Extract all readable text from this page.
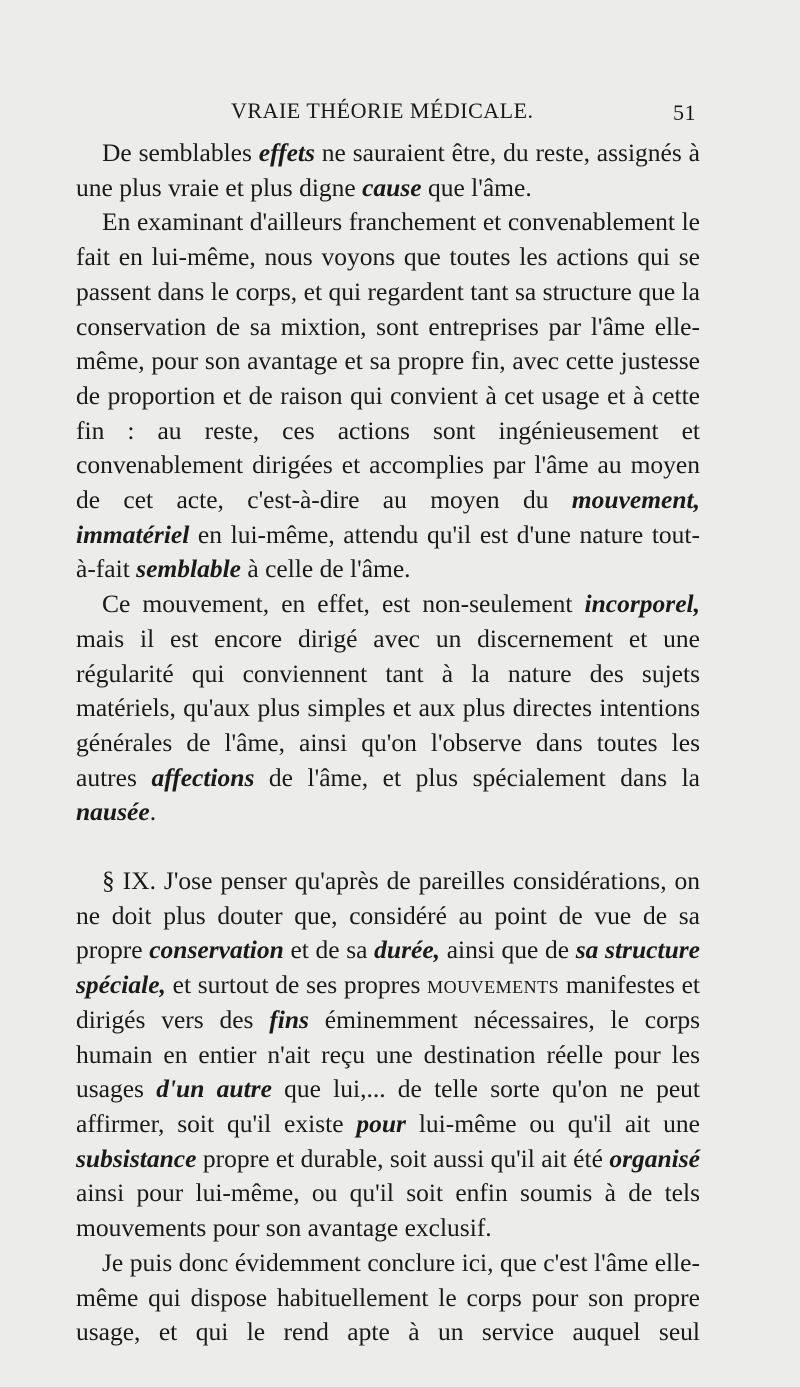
VRAIE THÉORIE MÉDICALE.	51

De semblables effets ne sauraient être, du reste, assignés à une plus vraie et plus digne cause que l'âme.

En examinant d'ailleurs franchement et convenablement le fait en lui-même, nous voyons que toutes les actions qui se passent dans le corps, et qui regardent tant sa structure que la conservation de sa mixtion, sont entreprises par l'âme elle-même, pour son avantage et sa propre fin, avec cette justesse de proportion et de raison qui convient à cet usage et à cette fin : au reste, ces actions sont ingénieusement et convenablement dirigées et accomplies par l'âme au moyen de cet acte, c'est-à-dire au moyen du mouvement, immatériel en lui-même, attendu qu'il est d'une nature tout-à-fait semblable à celle de l'âme.

Ce mouvement, en effet, est non-seulement incorporel, mais il est encore dirigé avec un discernement et une régularité qui conviennent tant à la nature des sujets matériels, qu'aux plus simples et aux plus directes intentions générales de l'âme, ainsi qu'on l'observe dans toutes les autres affections de l'âme, et plus spécialement dans la nausée.

§ IX. J'ose penser qu'après de pareilles considérations, on ne doit plus douter que, considéré au point de vue de sa propre conservation et de sa durée, ainsi que de sa structure spéciale, et surtout de ses propres mouvements manifestes et dirigés vers des fins éminemment nécessaires, le corps humain en entier n'ait reçu une destination réelle pour les usages d'un autre que lui,... de telle sorte qu'on ne peut affirmer, soit qu'il existe pour lui-même ou qu'il ait une subsistance propre et durable, soit aussi qu'il ait été organisé ainsi pour lui-même, ou qu'il soit enfin soumis à de tels mouvements pour son avantage exclusif.

Je puis donc évidemment conclure ici, que c'est l'âme elle-même qui dispose habituellement le corps pour son propre usage, et qui le rend apte à un service auquel seul
